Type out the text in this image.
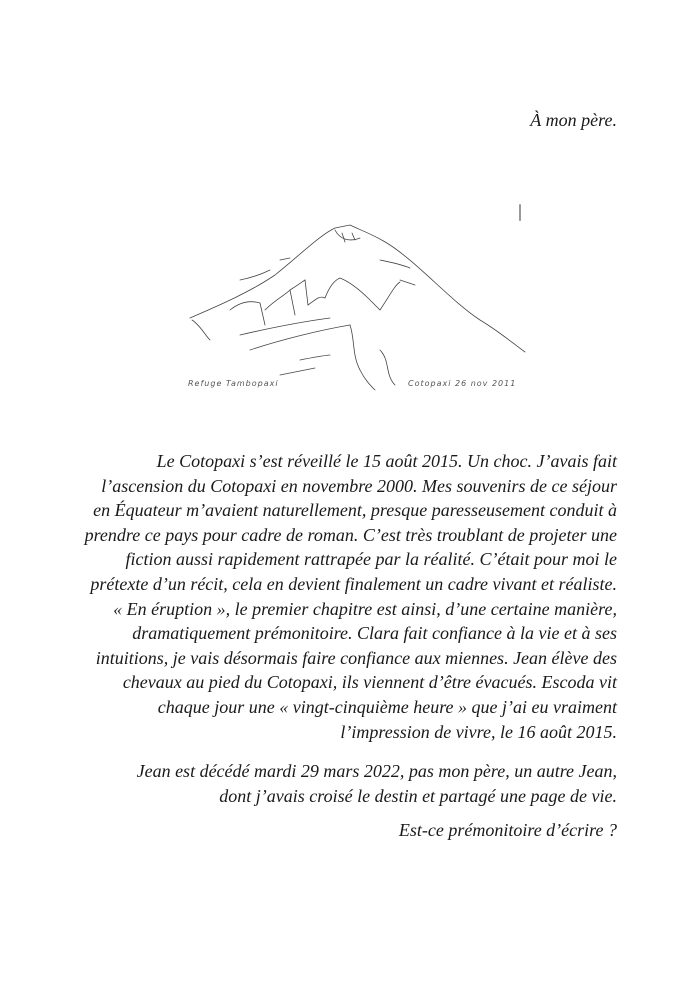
À mon père.
Refuge Tambopaxi	Cotopaxi 26 nov 2011
Le Cotopaxi s’est réveillé le 15 août 2015. Un choc. J’avais fait
l’ascension du Cotopaxi en novembre 2000. Mes souvenirs de ce séjour
en Équateur m’avaient naturellement, presque paresseusement conduit à
prendre ce pays pour cadre de roman. C’est très troublant de projeter une
fiction aussi rapidement rattrapée par la réalité. C’était pour moi le
prétexte d’un récit, cela en devient finalement un cadre vivant et réaliste.
« En éruption », le premier chapitre est ainsi, d’une certaine manière,
dramatiquement prémonitoire. Clara fait confiance à la vie et à ses
intuitions, je vais désormais faire confiance aux miennes. Jean élève des
chevaux au pied du Cotopaxi, ils viennent d’être évacués. Escoda vit
chaque jour une « vingt-cinquième heure » que j’ai eu vraiment
l’impression de vivre, le 16 août 2015.
Jean est décédé mardi 29 mars 2022, pas mon père, un autre Jean,
dont j’avais croisé le destin et partagé une page de vie.
Est-ce prémonitoire d’écrire ?
